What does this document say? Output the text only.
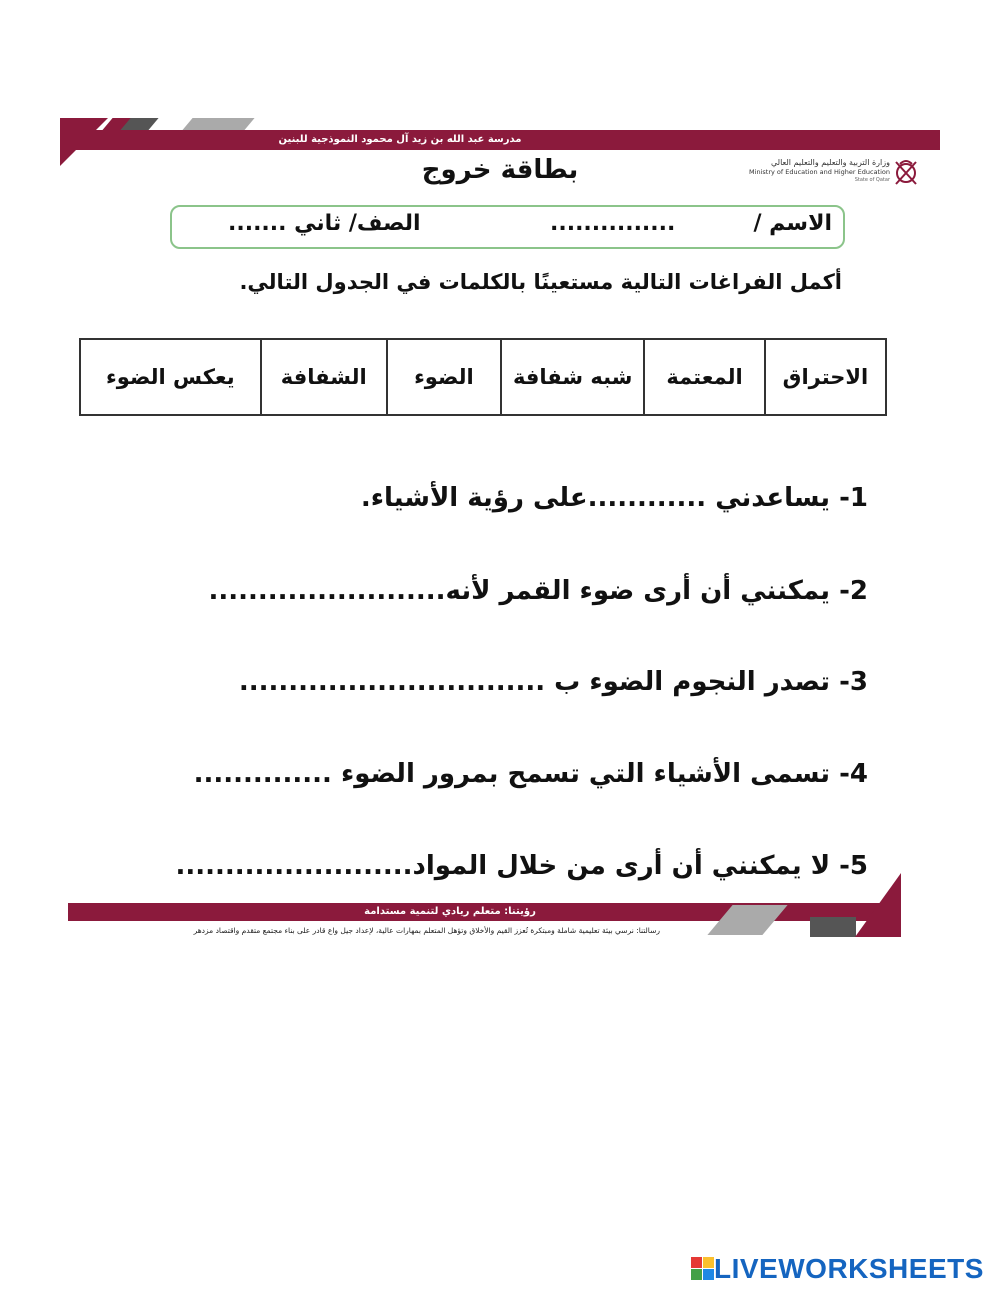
مدرسة عبد الله بن زيد آل محمود النموذجية للبنين
بطاقة خروج	وزارة التربية والتعليم والتعليم العالي
Ministry of Education and Higher Education
State of Qatar
الاسم /
...............
الصف/ ثاني .......
أكمل الفراغات التالية مستعينًا بالكلمات في الجدول التالي.
الاحتراق	المعتمة	شبه شفافة	الضوء	الشفافة	يعكس الضوء
1- يساعدني ............على رؤية الأشياء.
2- يمكنني أن أرى ضوء القمر لأنه........................
3- تصدر النجوم الضوء ب ...............................
4- تسمى الأشياء التي تسمح بمرور الضوء ..............
5- لا يمكنني أن أرى من خلال المواد........................
رؤيتنا: متعلم ريادي لتنمية مستدامة
رسالتنا: نرسي بيئة تعليمية شاملة ومبتكرة تُعزز القيم والأخلاق وتؤهل المتعلم بمهارات عالية، لإعداد جيل واع قادر على بناء مجتمع متقدم واقتصاد مزدهر
LIVEWORKSHEETS
